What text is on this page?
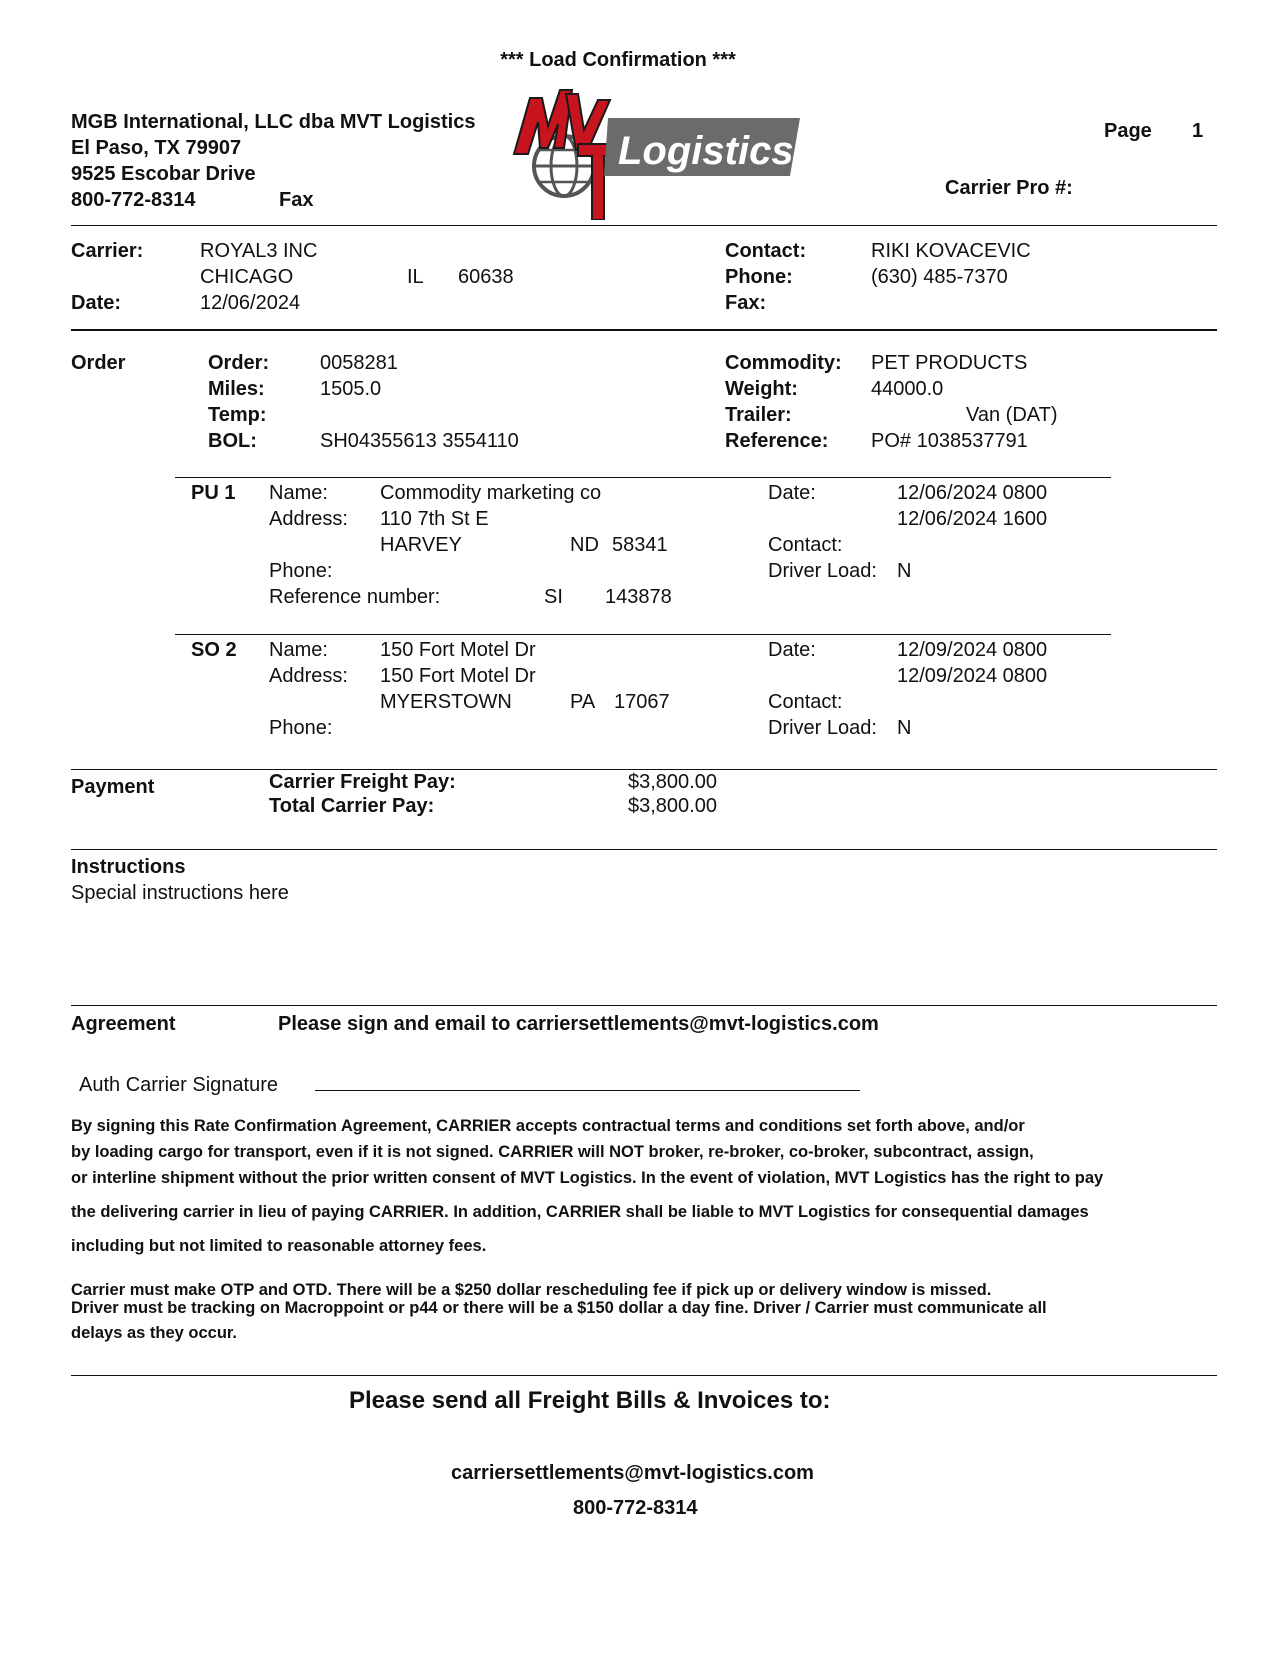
*** Load Confirmation ***
MGB International, LLC dba MVT Logistics
El Paso, TX 79907
9525 Escobar Drive
800-772-8314	Fax
Logistics	Page 1
Carrier Pro #:
Carrier:	ROYAL3 INC
CHICAGO	IL 60638
Date:	12/06/2024
Contact:	RIKI KOVACEVIC
Phone:	(630) 485-7370
Fax:
Order	Order:	0058281
Miles:	1505.0
Temp:
BOL:	SH04355613 3554110
Commodity: PET PRODUCTS
Weight:	44000.0
Trailer:	Van (DAT)
Reference: PO# 1038537791
PU 1 Name:	Commodity marketing co
Address: 110 7th St E
HARVEY	ND 58341
Phone:
Reference number:	SI 143878
Date:	12/06/2024 0800
12/06/2024 1600
Contact:
Driver Load: N
SO 2 Name:	150 Fort Motel Dr
Address: 150 Fort Motel Dr
MYERSTOWN	PA 17067
Phone:
Date:	12/09/2024 0800
12/09/2024 0800
Contact:
Driver Load: N
Payment	Carrier Freight Pay:	$3,800.00
Total Carrier Pay:	$3,800.00
Instructions
Special instructions here
Agreement	Please sign and email to carriersettlements@mvt-logistics.com
Auth Carrier Signature
By signing this Rate Confirmation Agreement, CARRIER accepts contractual terms and conditions set forth above, and/or
by loading cargo for transport, even if it is not signed. CARRIER will NOT broker, re-broker, co-broker, subcontract, assign,
or interline shipment without the prior written consent of MVT Logistics. In the event of violation, MVT Logistics has the right to pay
the delivering carrier in lieu of paying CARRIER. In addition, CARRIER shall be liable to MVT Logistics for consequential damages
including but not limited to reasonable attorney fees.
Carrier must make OTP and OTD. There will be a $250 dollar rescheduling fee if pick up or delivery window is missed.
Driver must be tracking on Macroppoint or p44 or there will be a $150 dollar a day fine. Driver / Carrier must communicate all
delays as they occur.
Please send all Freight Bills & Invoices to:
carriersettlements@mvt-logistics.com
800-772-8314
